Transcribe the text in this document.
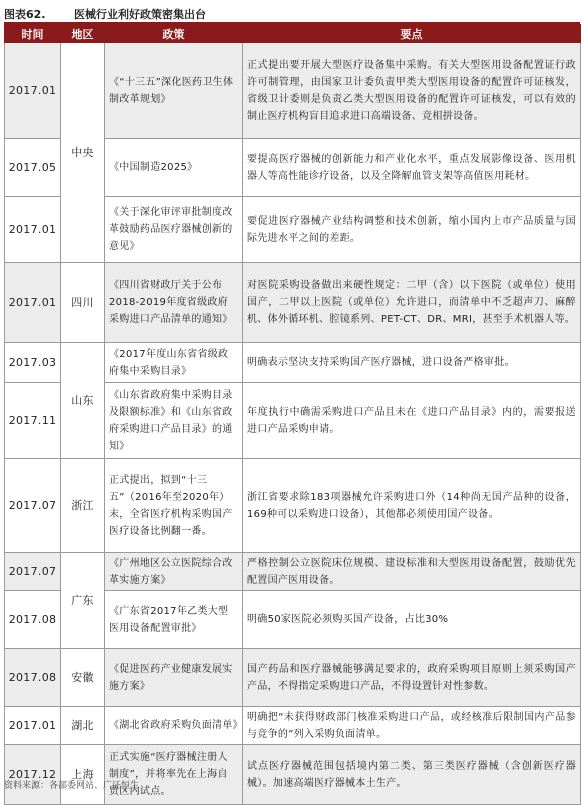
图表62.	医械行业利好政策密集出台
时间	地区	政策	要点
2017.01	中央	《“十三五”深化医药卫生体制改革规划》	正式提出要开展大型医疗设备集中采购。有关大型医用设备配置证行政许可制管理，由国家卫计委负责甲类大型医用设备的配置许可证核发，省级卫计委则是负责乙类大型医用设备的配置许可证核发，可以有效的制止医疗机构盲目追求进口高端设备、竞相拼设备。
2017.05		《中国制造2025》	要提高医疗器械的创新能力和产业化水平，重点发展影像设备、医用机器人等高性能诊疗设备，以及全降解血管支架等高值医用耗材。
2017.01		《关于深化审评审批制度改革鼓励药品医疗器械创新的意见》	要促进医疗器械产业结构调整和技术创新，缩小国内上市产品质量与国际先进水平之间的差距。
2017.01	四川	《四川省财政厅关于公布2018-2019年度省级政府采购进口产品清单的通知》	对医院采购设备做出来硬性规定：二甲（含）以下医院（或单位）使用国产，二甲以上医院（或单位）允许进口，而清单中不乏超声刀、麻醉机、体外循环机、腔镜系列、PET-CT、DR、MRI，甚至手术机器人等。
2017.03	山东	《2017年度山东省省级政府集中采购目录》	明确表示坚决支持采购国产医疗器械，进口设备严格审批。
2017.11		《山东省政府集中采购目录及限额标准》和《山东省政府采购进口产品目录》的通知》	年度执行中确需采购进口产品且未在《进口产品目录》内的，需要报送进口产品采购申请。
2017.07	浙江	正式提出，拟到“十三五”（2016年至2020年）末，全省医疗机构采购国产医疗设备比例翻一番。	浙江省要求除183项器械允许采购进口外（14种尚无国产品种的设备，169种可以采购进口设备），其他都必须使用国产设备。
2017.07	广东	《广州地区公立医院综合改革实施方案》	严格控制公立医院床位规模、建设标准和大型医用设备配置，鼓励优先配置国产医用设备。
2017.08		《广东省2017年乙类大型医用设备配置审批》	明确50家医院必须购买国产设备，占比30%
2017.08	安徽	《促进医药产业健康发展实施方案》	国产药品和医疗器械能够满足要求的，政府采购项目原则上须采购国产产品，不得指定采购进口产品，不得设置针对性参数。
2017.01	湖北	《湖北省政府采购负面清单》	明确把“未获得财政部门核准采购进口产品，或经核准后限制国内产品参与竞争的”列入采购负面清单。
2017.12	上海	正式实施“医疗器械注册人制度”，并将率先在上海自贸区内试点。	试点医疗器械范围包括境内第二类、第三类医疗器械（含创新医疗器械）。加速高端医疗器械本土生产。
资料来源：各部委网站、广证恒生
